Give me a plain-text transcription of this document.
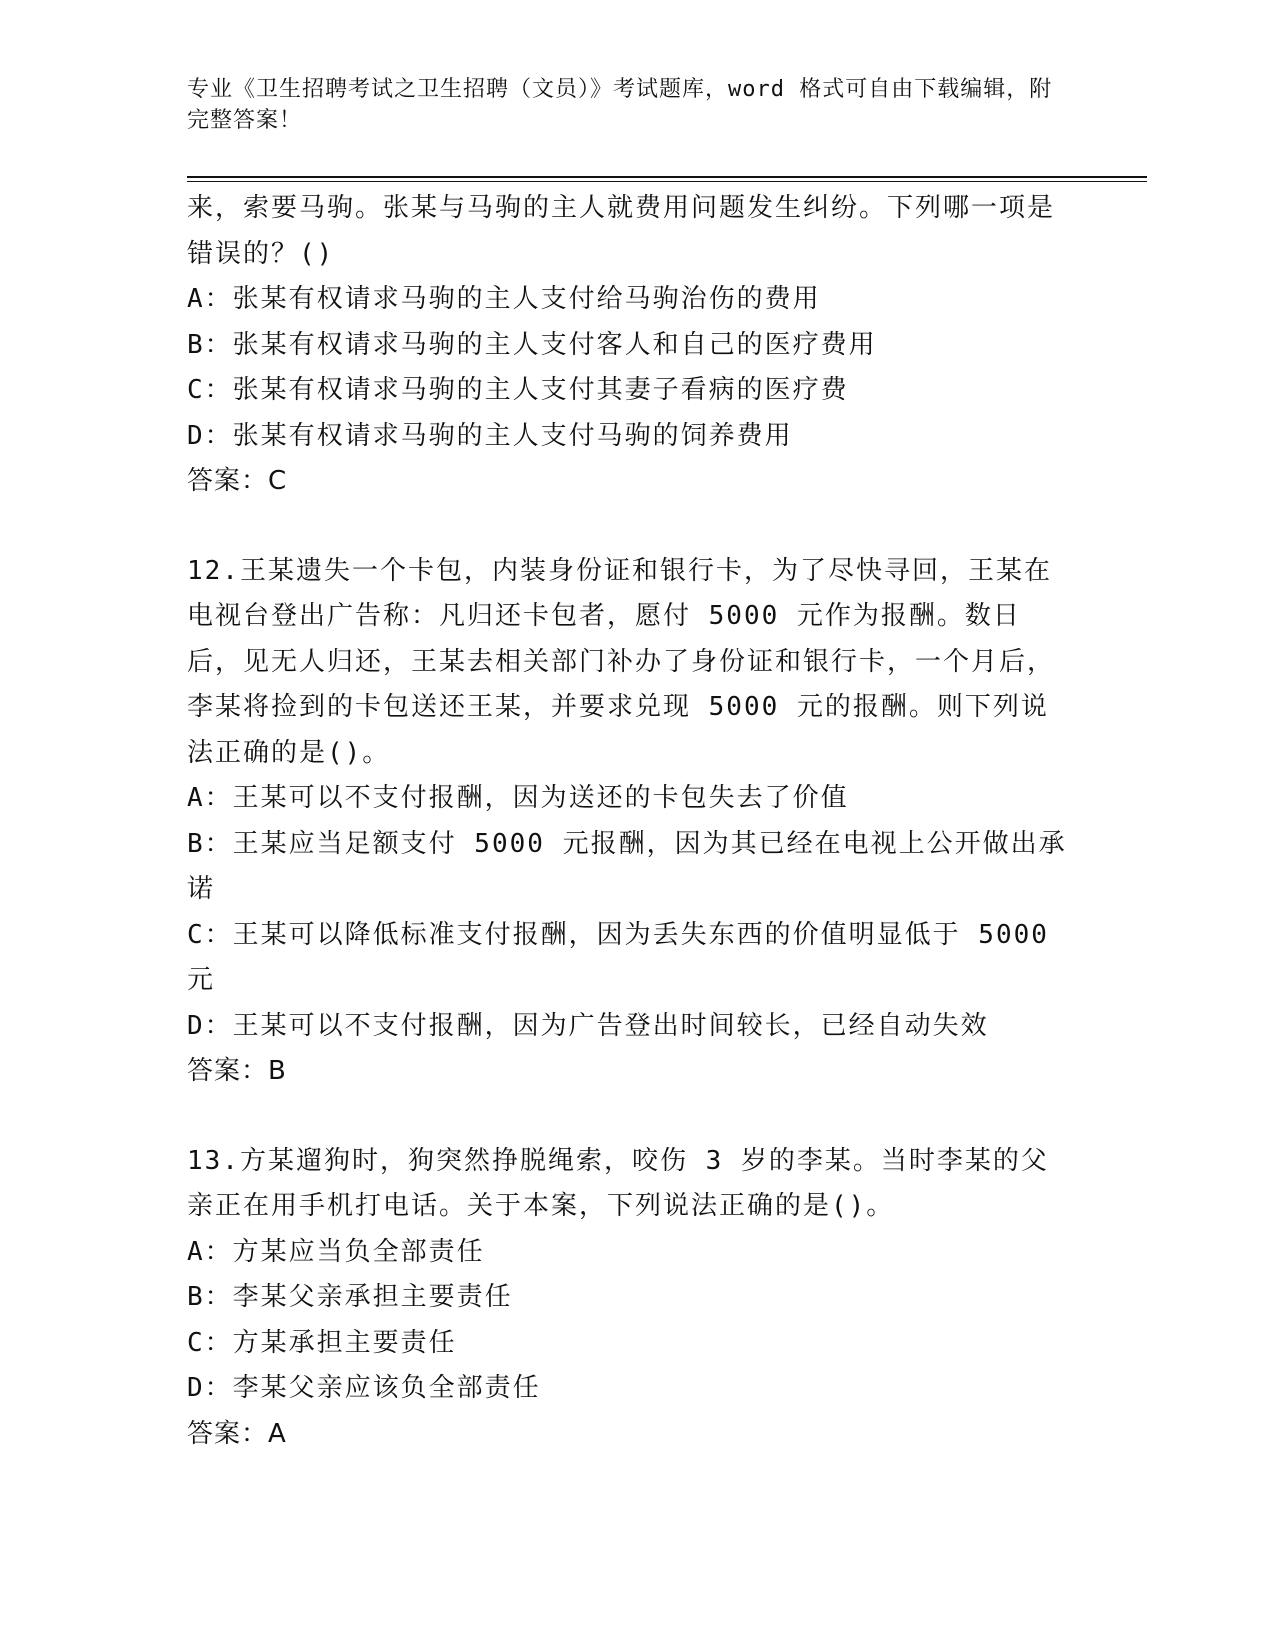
专业《卫生招聘考试之卫生招聘（文员）》考试题库，word 格式可自由下载编辑，附完整答案！
来，索要马驹。张某与马驹的主人就费用问题发生纠纷。下列哪一项是错误的？()
A：张某有权请求马驹的主人支付给马驹治伤的费用
B：张某有权请求马驹的主人支付客人和自己的医疗费用
C：张某有权请求马驹的主人支付其妻子看病的医疗费
D：张某有权请求马驹的主人支付马驹的饲养费用
答案：C
12.王某遗失一个卡包，内装身份证和银行卡，为了尽快寻回，王某在电视台登出广告称：凡归还卡包者，愿付 5000 元作为报酬。数日后，见无人归还，王某去相关部门补办了身份证和银行卡，一个月后，李某将捡到的卡包送还王某，并要求兑现 5000 元的报酬。则下列说法正确的是()。
A：王某可以不支付报酬，因为送还的卡包失去了价值
B：王某应当足额支付 5000 元报酬，因为其已经在电视上公开做出承诺
C：王某可以降低标准支付报酬，因为丢失东西的价值明显低于 5000 元
D：王某可以不支付报酬，因为广告登出时间较长，已经自动失效
答案：B
13.方某遛狗时，狗突然挣脱绳索，咬伤 3 岁的李某。当时李某的父亲正在用手机打电话。关于本案，下列说法正确的是()。
A：方某应当负全部责任
B：李某父亲承担主要责任
C：方某承担主要责任
D：李某父亲应该负全部责任
答案：A
